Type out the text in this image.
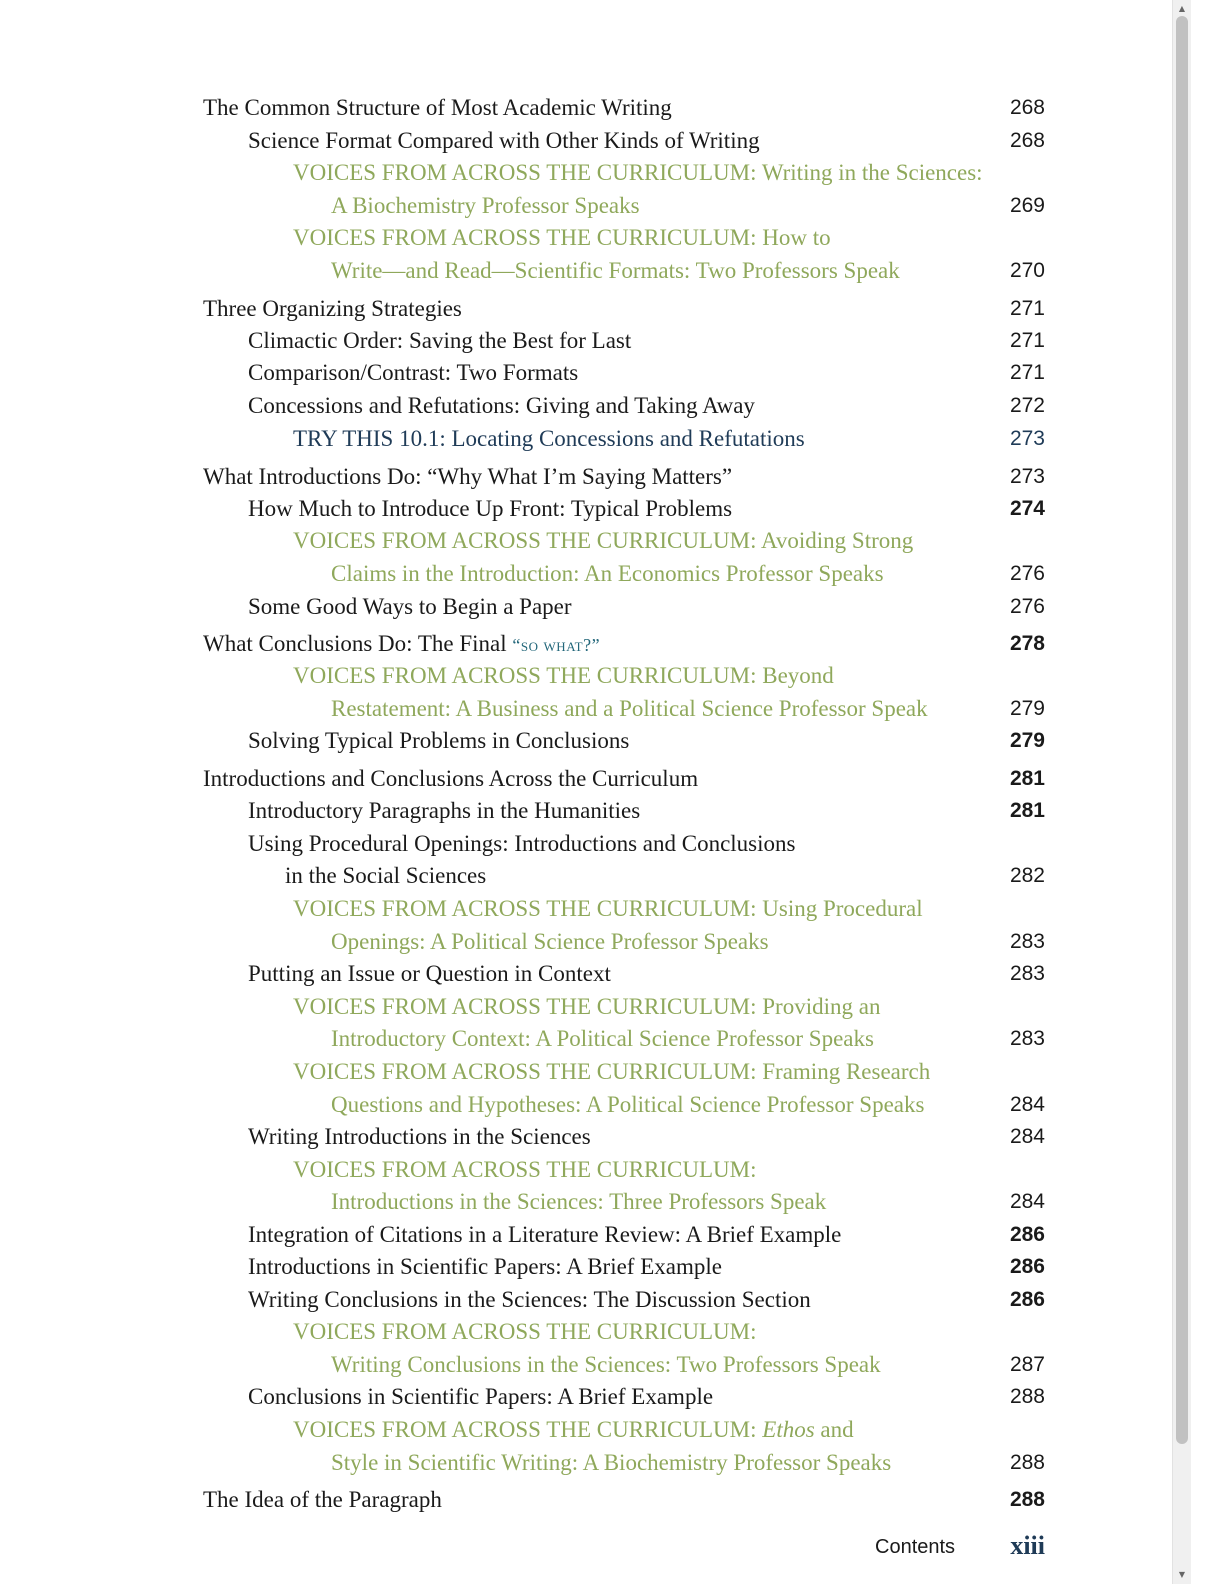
The Common Structure of Most Academic Writing	268
Science Format Compared with Other Kinds of Writing	268
VOICES FROM ACROSS THE CURRICULUM: Writing in the Sciences:
A Biochemistry Professor Speaks	269
VOICES FROM ACROSS THE CURRICULUM: How to
Write—and Read—Scientific Formats: Two Professors Speak	270
Three Organizing Strategies	271
Climactic Order: Saving the Best for Last	271
Comparison/Contrast: Two Formats	271
Concessions and Refutations: Giving and Taking Away	272
TRY THIS 10.1: Locating Concessions and Refutations	273
What Introductions Do: “Why What I’m Saying Matters”	273
How Much to Introduce Up Front: Typical Problems	274
VOICES FROM ACROSS THE CURRICULUM: Avoiding Strong
Claims in the Introduction: An Economics Professor Speaks	276
Some Good Ways to Begin a Paper	276
What Conclusions Do: The Final “so what?”	278
VOICES FROM ACROSS THE CURRICULUM: Beyond
Restatement: A Business and a Political Science Professor Speak	279
Solving Typical Problems in Conclusions	279
Introductions and Conclusions Across the Curriculum	281
Introductory Paragraphs in the Humanities	281
Using Procedural Openings: Introductions and Conclusions
in the Social Sciences	282
VOICES FROM ACROSS THE CURRICULUM: Using Procedural
Openings: A Political Science Professor Speaks	283
Putting an Issue or Question in Context	283
VOICES FROM ACROSS THE CURRICULUM: Providing an
Introductory Context: A Political Science Professor Speaks	283
VOICES FROM ACROSS THE CURRICULUM: Framing Research
Questions and Hypotheses: A Political Science Professor Speaks	284
Writing Introductions in the Sciences	284
VOICES FROM ACROSS THE CURRICULUM:
Introductions in the Sciences: Three Professors Speak	284
Integration of Citations in a Literature Review: A Brief Example	286
Introductions in Scientific Papers: A Brief Example	286
Writing Conclusions in the Sciences: The Discussion Section	286
VOICES FROM ACROSS THE CURRICULUM:
Writing Conclusions in the Sciences: Two Professors Speak	287
Conclusions in Scientific Papers: A Brief Example	288
VOICES FROM ACROSS THE CURRICULUM: Ethos and
Style in Scientific Writing: A Biochemistry Professor Speaks	288
The Idea of the Paragraph	288
Contents xiii
▲
▼
